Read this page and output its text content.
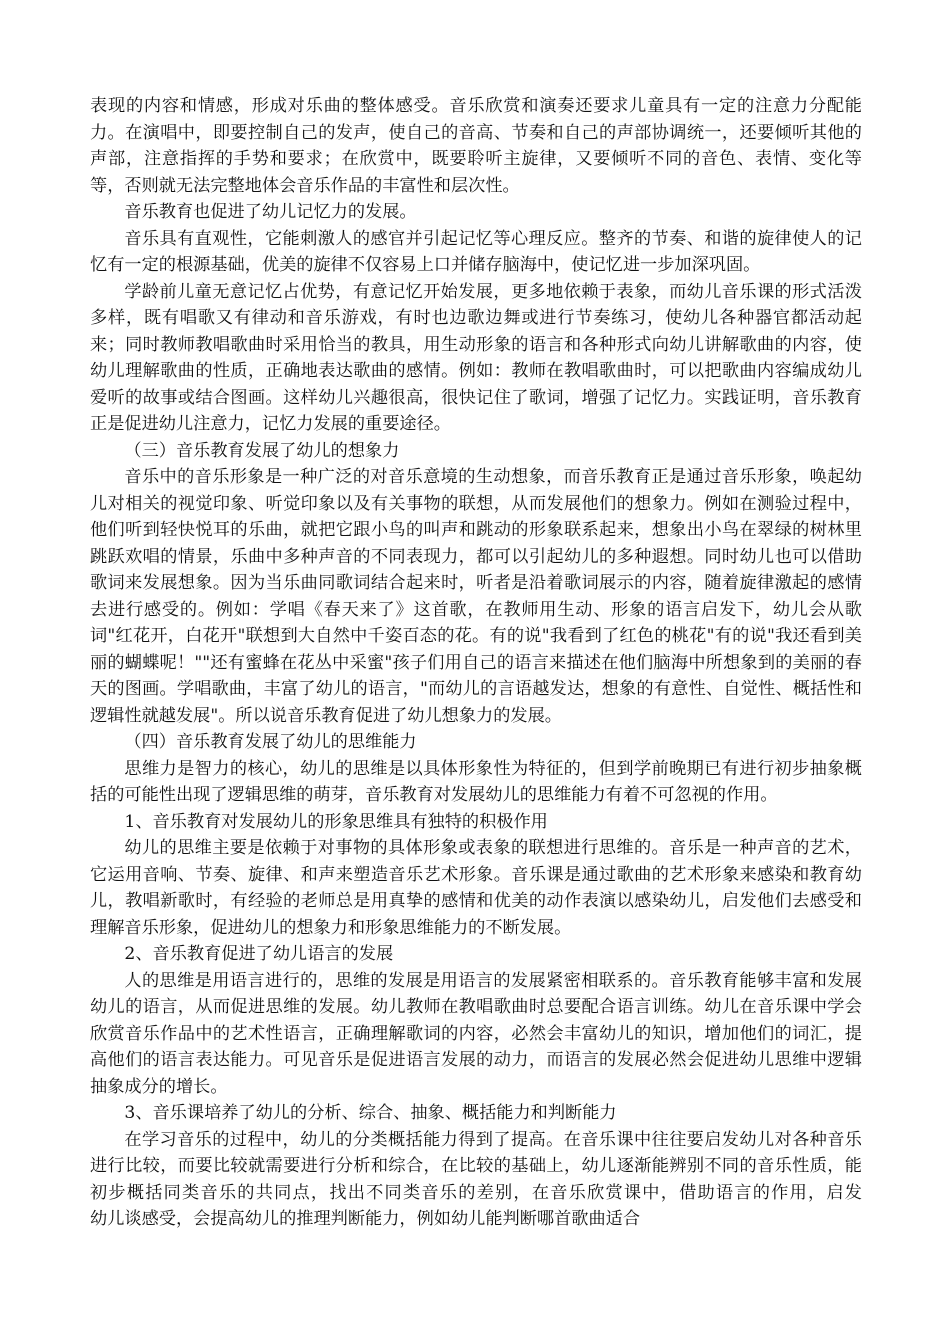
表现的内容和情感，形成对乐曲的整体感受。音乐欣赏和演奏还要求儿童具有一定的注意力分配能力。在演唱中，即要控制自己的发声，使自己的音高、节奏和自己的声部协调统一，还要倾听其他的声部，注意指挥的手势和要求；在欣赏中，既要聆听主旋律，又要倾听不同的音色、表情、变化等等，否则就无法完整地体会音乐作品的丰富性和层次性。

音乐教育也促进了幼儿记忆力的发展。

音乐具有直观性，它能刺激人的感官并引起记忆等心理反应。整齐的节奏、和谐的旋律使人的记忆有一定的根源基础，优美的旋律不仅容易上口并储存脑海中，使记忆进一步加深巩固。

学龄前儿童无意记忆占优势，有意记忆开始发展，更多地依赖于表象，而幼儿音乐课的形式活泼多样，既有唱歌又有律动和音乐游戏，有时也边歌边舞或进行节奏练习，使幼儿各种器官都活动起来；同时教师教唱歌曲时采用恰当的教具，用生动形象的语言和各种形式向幼儿讲解歌曲的内容，使幼儿理解歌曲的性质，正确地表达歌曲的感情。例如：教师在教唱歌曲时，可以把歌曲内容编成幼儿爱听的故事或结合图画。这样幼儿兴趣很高，很快记住了歌词，增强了记忆力。实践证明，音乐教育正是促进幼儿注意力，记忆力发展的重要途径。

（三）音乐教育发展了幼儿的想象力

音乐中的音乐形象是一种广泛的对音乐意境的生动想象，而音乐教育正是通过音乐形象，唤起幼儿对相关的视觉印象、听觉印象以及有关事物的联想，从而发展他们的想象力。例如在测验过程中，他们听到轻快悦耳的乐曲，就把它跟小鸟的叫声和跳动的形象联系起来，想象出小鸟在翠绿的树林里跳跃欢唱的情景，乐曲中多种声音的不同表现力，都可以引起幼儿的多种遐想。同时幼儿也可以借助歌词来发展想象。因为当乐曲同歌词结合起来时，听者是沿着歌词展示的内容，随着旋律激起的感情去进行感受的。例如：学唱《春天来了》这首歌，在教师用生动、形象的语言启发下，幼儿会从歌词"红花开，白花开"联想到大自然中千姿百态的花。有的说"我看到了红色的桃花"有的说"我还看到美丽的蝴蝶呢！""还有蜜蜂在花丛中采蜜"孩子们用自己的语言来描述在他们脑海中所想象到的美丽的春天的图画。学唱歌曲，丰富了幼儿的语言，"而幼儿的言语越发达，想象的有意性、自觉性、概括性和逻辑性就越发展"。所以说音乐教育促进了幼儿想象力的发展。

（四）音乐教育发展了幼儿的思维能力

思维力是智力的核心，幼儿的思维是以具体形象性为特征的，但到学前晚期已有进行初步抽象概括的可能性出现了逻辑思维的萌芽，音乐教育对发展幼儿的思维能力有着不可忽视的作用。

1、音乐教育对发展幼儿的形象思维具有独特的积极作用

幼儿的思维主要是依赖于对事物的具体形象或表象的联想进行思维的。音乐是一种声音的艺术，它运用音响、节奏、旋律、和声来塑造音乐艺术形象。音乐课是通过歌曲的艺术形象来感染和教育幼儿，教唱新歌时，有经验的老师总是用真挚的感情和优美的动作表演以感染幼儿，启发他们去感受和理解音乐形象，促进幼儿的想象力和形象思维能力的不断发展。

2、音乐教育促进了幼儿语言的发展

人的思维是用语言进行的，思维的发展是用语言的发展紧密相联系的。音乐教育能够丰富和发展幼儿的语言，从而促进思维的发展。幼儿教师在教唱歌曲时总要配合语言训练。幼儿在音乐课中学会欣赏音乐作品中的艺术性语言，正确理解歌词的内容，必然会丰富幼儿的知识，增加他们的词汇，提高他们的语言表达能力。可见音乐是促进语言发展的动力，而语言的发展必然会促进幼儿思维中逻辑抽象成分的增长。

3、音乐课培养了幼儿的分析、综合、抽象、概括能力和判断能力

在学习音乐的过程中，幼儿的分类概括能力得到了提高。在音乐课中往往要启发幼儿对各种音乐进行比较，而要比较就需要进行分析和综合，在比较的基础上，幼儿逐渐能辨别不同的音乐性质，能初步概括同类音乐的共同点，找出不同类音乐的差别，在音乐欣赏课中，借助语言的作用，启发　　幼儿谈感受，会提高幼儿的推理判断能力，例如幼儿能判断哪首歌曲适合
